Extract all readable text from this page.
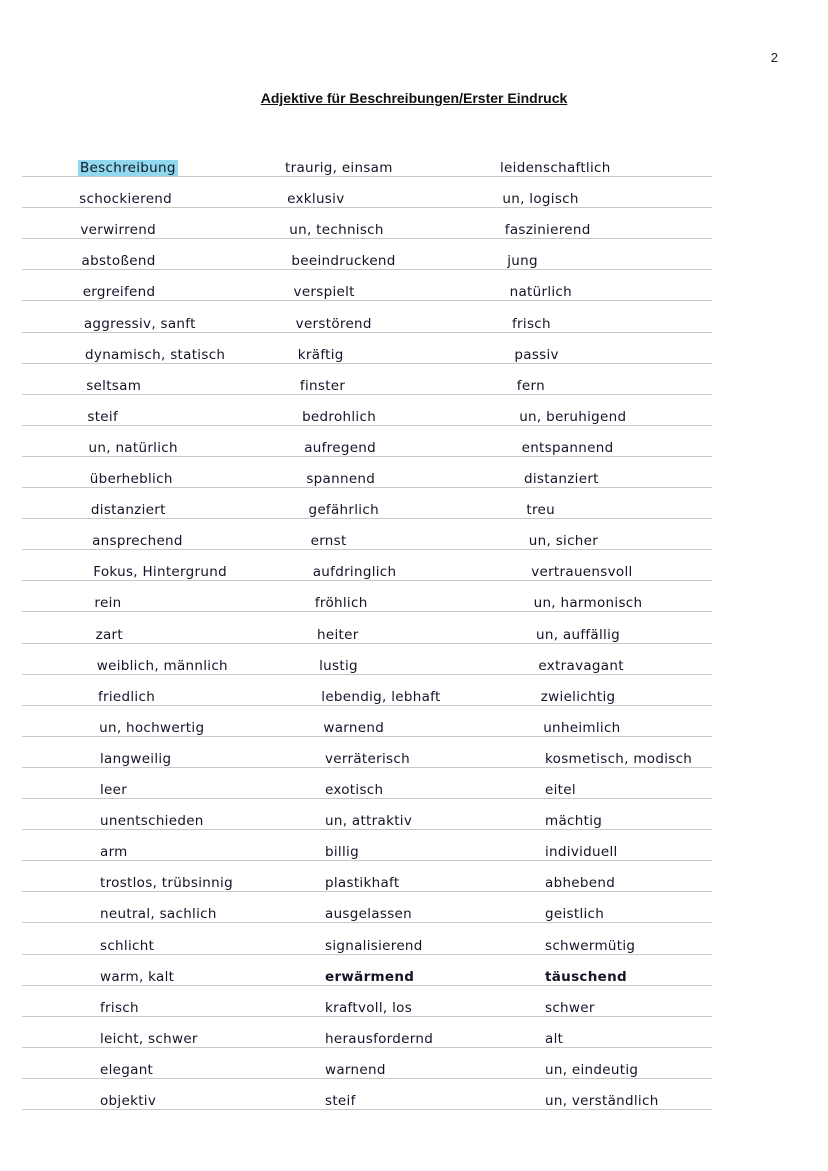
2
Adjektive für Beschreibungen/Erster Eindruck
Beschreibung
schockierend
verwirrend
abstoßend
ergreifend
aggressiv, sanft
dynamisch, statisch
seltsam
steif
un, natürlich
überheblich
distanziert
ansprechend
Fokus, Hintergrund
rein
zart
weiblich, männlich
friedlich
un, hochwertig
langweilig
leer
unentschieden
arm
trostlos, trübsinnig
neutral, sachlich
schlicht
warm, kalt
frisch
leicht, schwer
elegant
objektiv
traurig, einsam
exklusiv
un, technisch
beeindruckend
verspielt
verstörend
kräftig
finster
bedrohlich
aufregend
spannend
gefährlich
ernst
aufdringlich
fröhlich
heiter
lustig
lebendig, lebhaft
warnend
verräterisch
exotisch
un, attraktiv
billig
plastikhaft
ausgelassen
signalisierend
erwärmend
kraftvoll, los
herausfordernd
warnend
steif
leidenschaftlich
un, logisch
faszinierend
jung
natürlich
frisch
passiv
fern
un, beruhigend
entspannend
distanziert
treu
un, sicher
vertrauensvoll
un, harmonisch
un, auffällig
extravagant
zwielichtig
unheimlich
kosmetisch, modisch
eitel
mächtig
individuell
abhebend
geistlich
schwermütig
täuschend
schwer
alt
un, eindeutig
un, verständlich
